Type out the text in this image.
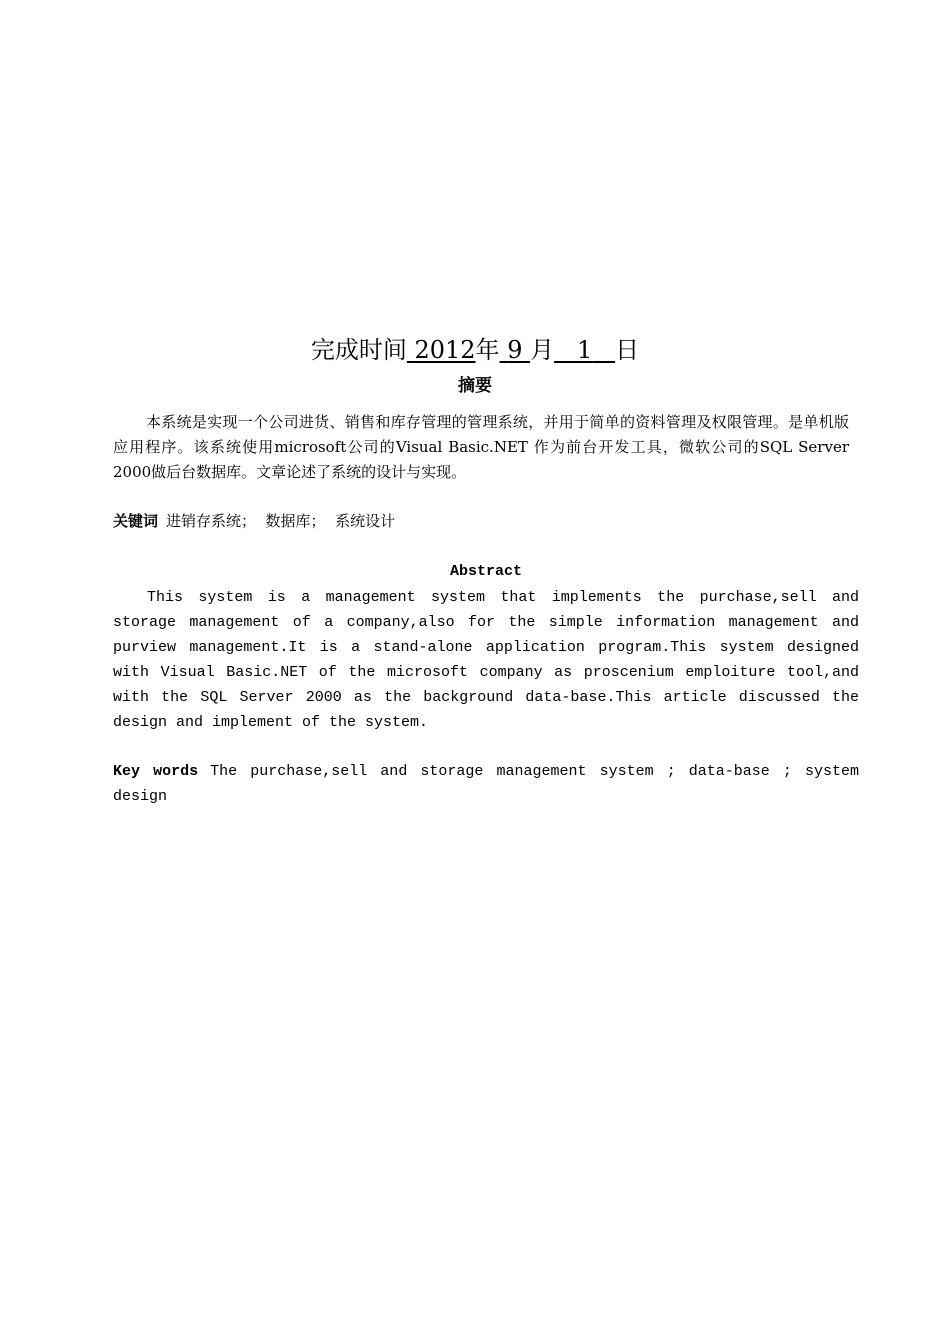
完成时间 2012年 9 月 1 日
摘要

本系统是实现一个公司进货、销售和库存管理的管理系统，并用于简单的资料管理及权限管理。是单机版应用程序。该系统使用microsoft公司的Visual Basic.NET 作为前台开发工具，微软公司的SQL Server 2000做后台数据库。文章论述了系统的设计与实现。

关键词 进销存系统；  数据库；  系统设计

Abstract

This system is a management system that implements the purchase,sell and storage management of a company,also for the simple information management and purview management.It is a stand-alone application program.This system designed with Visual Basic.NET of the microsoft company as proscenium emploiture tool,and with the SQL Server 2000 as the background data-base.This article discussed the design and implement of the system.

Key words The purchase,sell and storage management system ; data-base ; system design
